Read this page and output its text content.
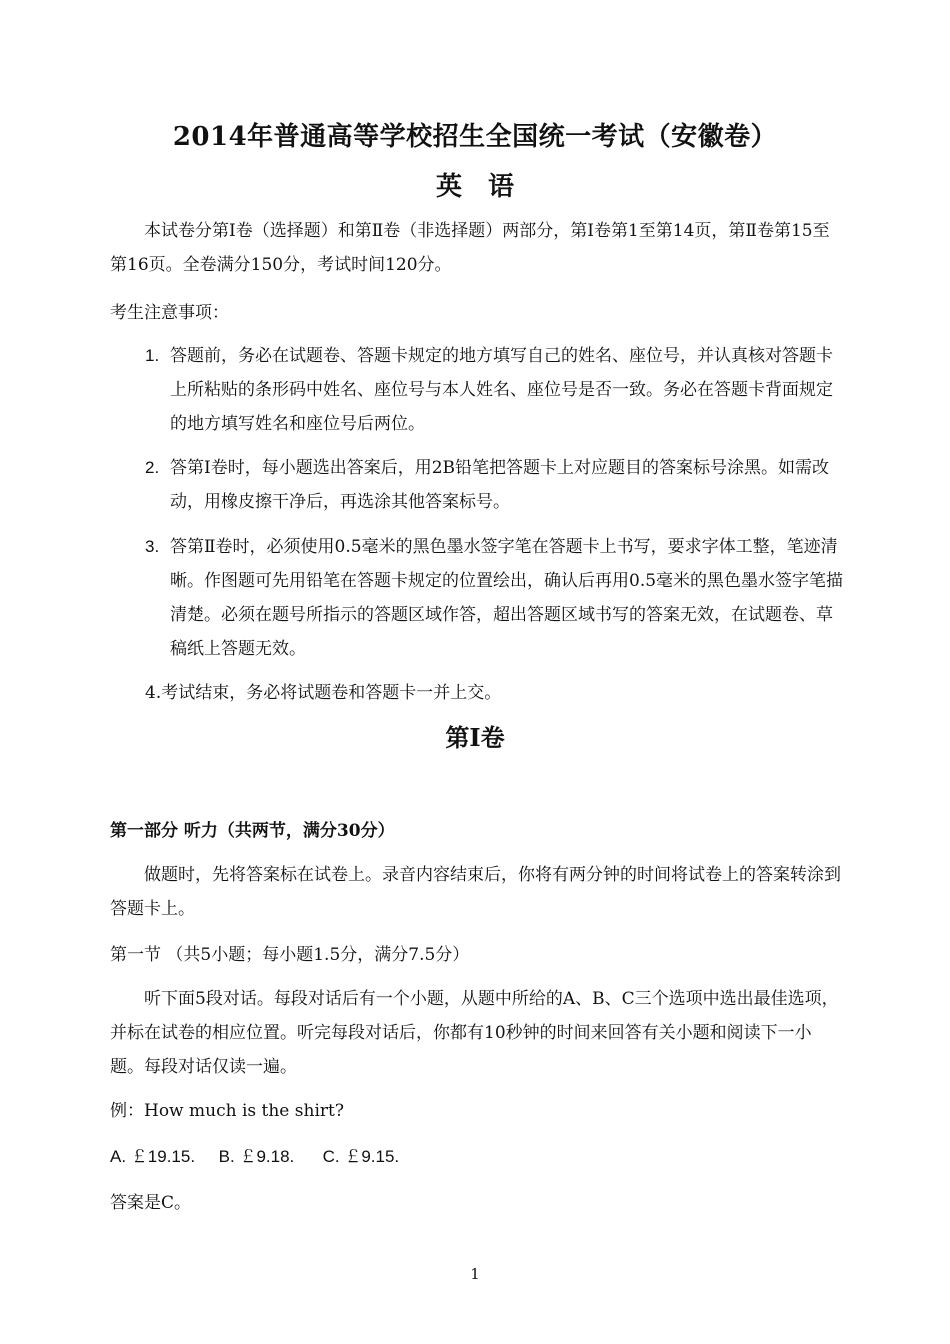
2014年普通高等学校招生全国统一考试（安徽卷）
英语
本试卷分第Ⅰ卷（选择题）和第Ⅱ卷（非选择题）两部分，第Ⅰ卷第1至第14页，第Ⅱ卷第15至第16页。全卷满分150分，考试时间120分。
考生注意事项：
1. 答题前，务必在试题卷、答题卡规定的地方填写自己的姓名、座位号，并认真核对答题卡上所粘贴的条形码中姓名、座位号与本人姓名、座位号是否一致。务必在答题卡背面规定的地方填写姓名和座位号后两位。
2. 答第Ⅰ卷时，每小题选出答案后，用2B铅笔把答题卡上对应题目的答案标号涂黑。如需改动，用橡皮擦干净后，再选涂其他答案标号。
3. 答第Ⅱ卷时，必须使用0.5毫米的黑色墨水签字笔在答题卡上书写，要求字体工整，笔迹清晰。作图题可先用铅笔在答题卡规定的位置绘出，确认后再用0.5毫米的黑色墨水签字笔描清楚。必须在题号所指示的答题区域作答，超出答题区域书写的答案无效，在试题卷、草稿纸上答题无效。
4.考试结束，务必将试题卷和答题卡一并上交。
第Ⅰ卷
第一部分 听力（共两节，满分30分）
做题时，先将答案标在试卷上。录音内容结束后，你将有两分钟的时间将试卷上的答案转涂到答题卡上。
第一节 （共5小题；每小题1.5分，满分7.5分）
听下面5段对话。每段对话后有一个小题，从题中所给的A、B、C三个选项中选出最佳选项，并标在试卷的相应位置。听完每段对话后，你都有10秒钟的时间来回答有关小题和阅读下一小题。每段对话仅读一遍。
例：How much is the shirt?
A. ￡19.15.     B. ￡9.18.      C. ￡9.15.
答案是C。
1
